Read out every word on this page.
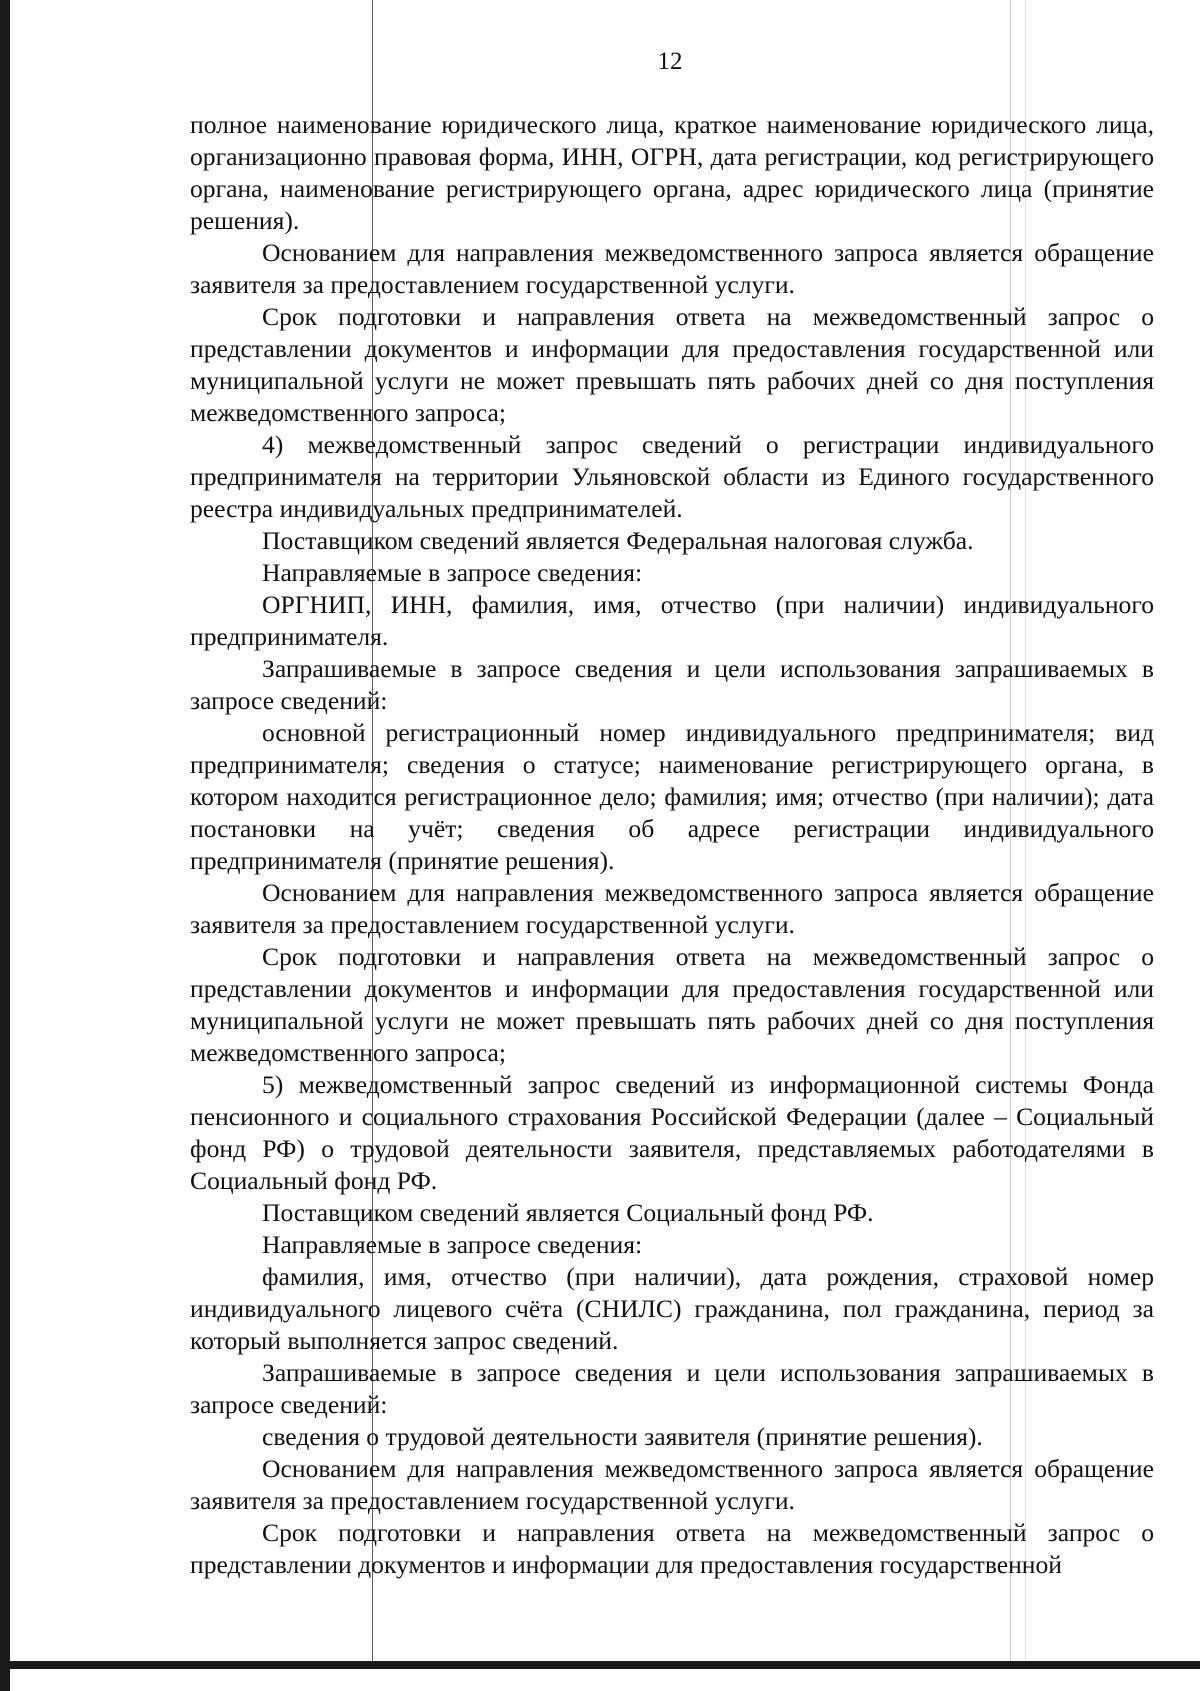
12

полное наименование юридического лица, краткое наименование юридического лица, организационно правовая форма, ИНН, ОГРН, дата регистрации, код регистрирующего органа, наименование регистрирующего органа, адрес юридического лица (принятие решения).

Основанием для направления межведомственного запроса является обращение заявителя за предоставлением государственной услуги.

Срок подготовки и направления ответа на межведомственный запрос о представлении документов и информации для предоставления государственной или муниципальной услуги не может превышать пять рабочих дней со дня поступления межведомственного запроса;

4) межведомственный запрос сведений о регистрации индивидуального предпринимателя на территории Ульяновской области из Единого государственного реестра индивидуальных предпринимателей.

Поставщиком сведений является Федеральная налоговая служба.

Направляемые в запросе сведения:

ОРГНИП, ИНН, фамилия, имя, отчество (при наличии) индивидуального предпринимателя.

Запрашиваемые в запросе сведения и цели использования запрашиваемых в запросе сведений:

основной регистрационный номер индивидуального предпринимателя; вид предпринимателя; сведения о статусе; наименование регистрирующего органа, в котором находится регистрационное дело; фамилия; имя; отчество (при наличии); дата постановки на учёт; сведения об адресе регистрации индивидуального предпринимателя (принятие решения).

Основанием для направления межведомственного запроса является обращение заявителя за предоставлением государственной услуги.

Срок подготовки и направления ответа на межведомственный запрос о представлении документов и информации для предоставления государственной или муниципальной услуги не может превышать пять рабочих дней со дня поступления межведомственного запроса;

5) межведомственный запрос сведений из информационной системы Фонда пенсионного и социального страхования Российской Федерации (далее – Социальный фонд РФ) о трудовой деятельности заявителя, представляемых работодателями в Социальный фонд РФ.

Поставщиком сведений является Социальный фонд РФ.

Направляемые в запросе сведения:

фамилия, имя, отчество (при наличии), дата рождения, страховой номер индивидуального лицевого счёта (СНИЛС) гражданина, пол гражданина, период за который выполняется запрос сведений.

Запрашиваемые в запросе сведения и цели использования запрашиваемых в запросе сведений:

сведения о трудовой деятельности заявителя (принятие решения).

Основанием для направления межведомственного запроса является обращение заявителя за предоставлением государственной услуги.

Срок подготовки и направления ответа на межведомственный запрос о представлении документов и информации для предоставления государственной
